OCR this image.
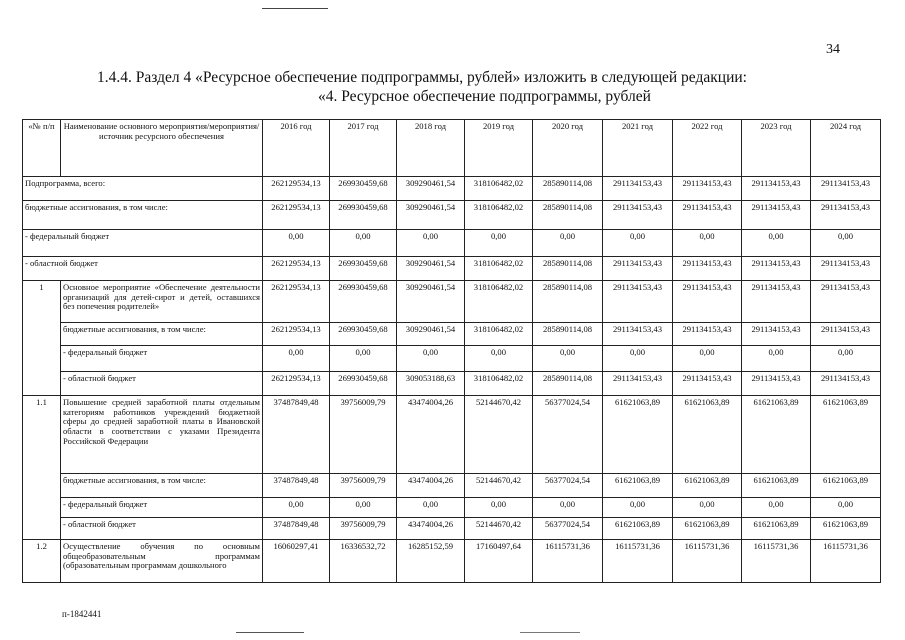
34
1.4.4. Раздел 4 «Ресурсное обеспечение подпрограммы, рублей» изложить в следующей редакции:
«4. Ресурсное обеспечение подпрограммы, рублей
«№ п/п	Наименование основного мероприятия/мероприятия/ источник ресурсного обеспечения	2016 год	2017 год	2018 год	2019 год	2020 год	2021 год	2022 год	2023 год	2024 год
Подпрограмма, всего:		262129534,13	269930459,68	309290461,54	318106482,02	285890114,08	291134153,43	291134153,43	291134153,43	291134153,43
бюджетные ассигнования, в том числе:		262129534,13	269930459,68	309290461,54	318106482,02	285890114,08	291134153,43	291134153,43	291134153,43	291134153,43
- федеральный бюджет		0,00	0,00	0,00	0,00	0,00	0,00	0,00	0,00	0,00
- областной бюджет		262129534,13	269930459,68	309290461,54	318106482,02	285890114,08	291134153,43	291134153,43	291134153,43	291134153,43
1	Основное мероприятие «Обеспечение деятельности организаций для детей-сирот и детей, оставшихся без попечения родителей»	262129534,13	269930459,68	309290461,54	318106482,02	285890114,08	291134153,43	291134153,43	291134153,43	291134153,43
	бюджетные ассигнования, в том числе:	262129534,13	269930459,68	309290461,54	318106482,02	285890114,08	291134153,43	291134153,43	291134153,43	291134153,43
	- федеральный бюджет	0,00	0,00	0,00	0,00	0,00	0,00	0,00	0,00	0,00
	- областной бюджет	262129534,13	269930459,68	309053188,63	318106482,02	285890114,08	291134153,43	291134153,43	291134153,43	291134153,43
1.1	Повышение средней заработной платы отдельным категориям работников учреждений бюджетной сферы до средней заработной платы в Ивановской области в соответствии с указами Президента Российской Федерации	37487849,48	39756009,79	43474004,26	52144670,42	56377024,54	61621063,89	61621063,89	61621063,89	61621063,89
	бюджетные ассигнования, в том числе:	37487849,48	39756009,79	43474004,26	52144670,42	56377024,54	61621063,89	61621063,89	61621063,89	61621063,89
	- федеральный бюджет	0,00	0,00	0,00	0,00	0,00	0,00	0,00	0,00	0,00
	- областной бюджет	37487849,48	39756009,79	43474004,26	52144670,42	56377024,54	61621063,89	61621063,89	61621063,89	61621063,89
1.2	Осуществление обучения по основным общеобразовательным программам (образовательным программам дошкольного	16060297,41	16336532,72	16285152,59	17160497,64	16115731,36	16115731,36	16115731,36	16115731,36	16115731,36
п-1842441
